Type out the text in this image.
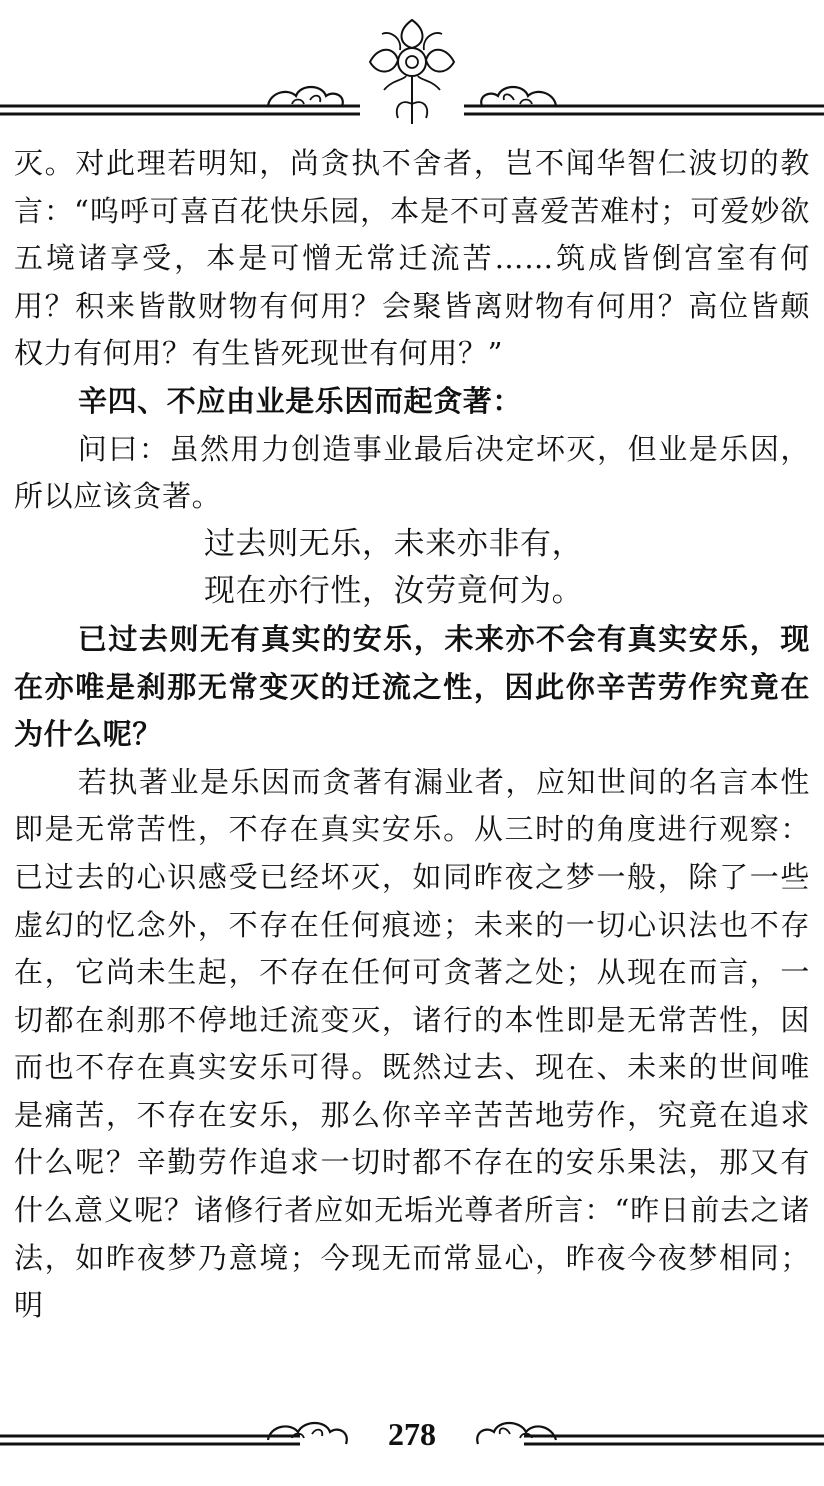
灭。对此理若明知，尚贪执不舍者，岂不闻华智仁波切的教言：“呜呼可喜百花快乐园，本是不可喜爱苦难村；可爱妙欲五境诸享受，本是可憎无常迁流苦……筑成皆倒宫室有何用？积来皆散财物有何用？会聚皆离财物有何用？高位皆颠权力有何用？有生皆死现世有何用？”

辛四、不应由业是乐因而起贪著：

问曰：虽然用力创造事业最后决定坏灭，但业是乐因，所以应该贪著。

过去则无乐，未来亦非有，

现在亦行性，汝劳竟何为。

已过去则无有真实的安乐，未来亦不会有真实安乐，现在亦唯是刹那无常变灭的迁流之性，因此你辛苦劳作究竟在为什么呢？

若执著业是乐因而贪著有漏业者，应知世间的名言本性即是无常苦性，不存在真实安乐。从三时的角度进行观察：已过去的心识感受已经坏灭，如同昨夜之梦一般，除了一些虚幻的忆念外，不存在任何痕迹；未来的一切心识法也不存在，它尚未生起，不存在任何可贪著之处；从现在而言，一切都在刹那不停地迁流变灭，诸行的本性即是无常苦性，因而也不存在真实安乐可得。既然过去、现在、未来的世间唯是痛苦，不存在安乐，那么你辛辛苦苦地劳作，究竟在追求什么呢？辛勤劳作追求一切时都不存在的安乐果法，那又有什么意义呢？诸修行者应如无垢光尊者所言：“昨日前去之诸法，如昨夜梦乃意境；今现无而常显心，昨夜今夜梦相同；明

278
